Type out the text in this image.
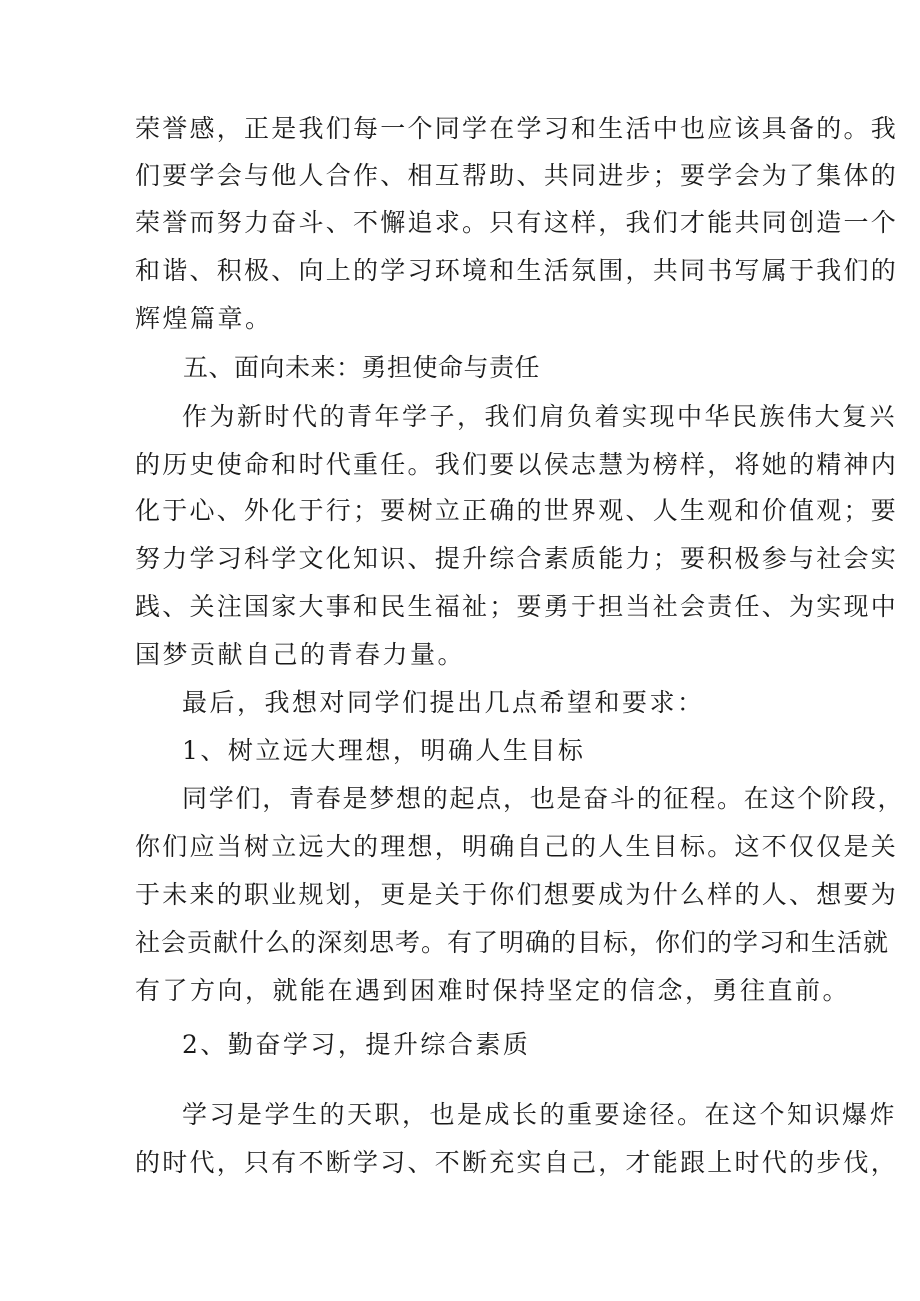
荣誉感，正是我们每一个同学在学习和生活中也应该具备的。我
们要学会与他人合作、相互帮助、共同进步；要学会为了集体的
荣誉而努力奋斗、不懈追求。只有这样，我们才能共同创造一个
和谐、积极、向上的学习环境和生活氛围，共同书写属于我们的
辉煌篇章。
五、面向未来：勇担使命与责任
作为新时代的青年学子，我们肩负着实现中华民族伟大复兴
的历史使命和时代重任。我们要以侯志慧为榜样，将她的精神内
化于心、外化于行；要树立正确的世界观、人生观和价值观；要
努力学习科学文化知识、提升综合素质能力；要积极参与社会实
践、关注国家大事和民生福祉；要勇于担当社会责任、为实现中
国梦贡献自己的青春力量。
最后，我想对同学们提出几点希望和要求：
1、树立远大理想，明确人生目标
同学们，青春是梦想的起点，也是奋斗的征程。在这个阶段，
你们应当树立远大的理想，明确自己的人生目标。这不仅仅是关
于未来的职业规划，更是关于你们想要成为什么样的人、想要为
社会贡献什么的深刻思考。有了明确的目标，你们的学习和生活就
有了方向，就能在遇到困难时保持坚定的信念，勇往直前。
2、勤奋学习，提升综合素质
学习是学生的天职，也是成长的重要途径。在这个知识爆炸
的时代，只有不断学习、不断充实自己，才能跟上时代的步伐，
